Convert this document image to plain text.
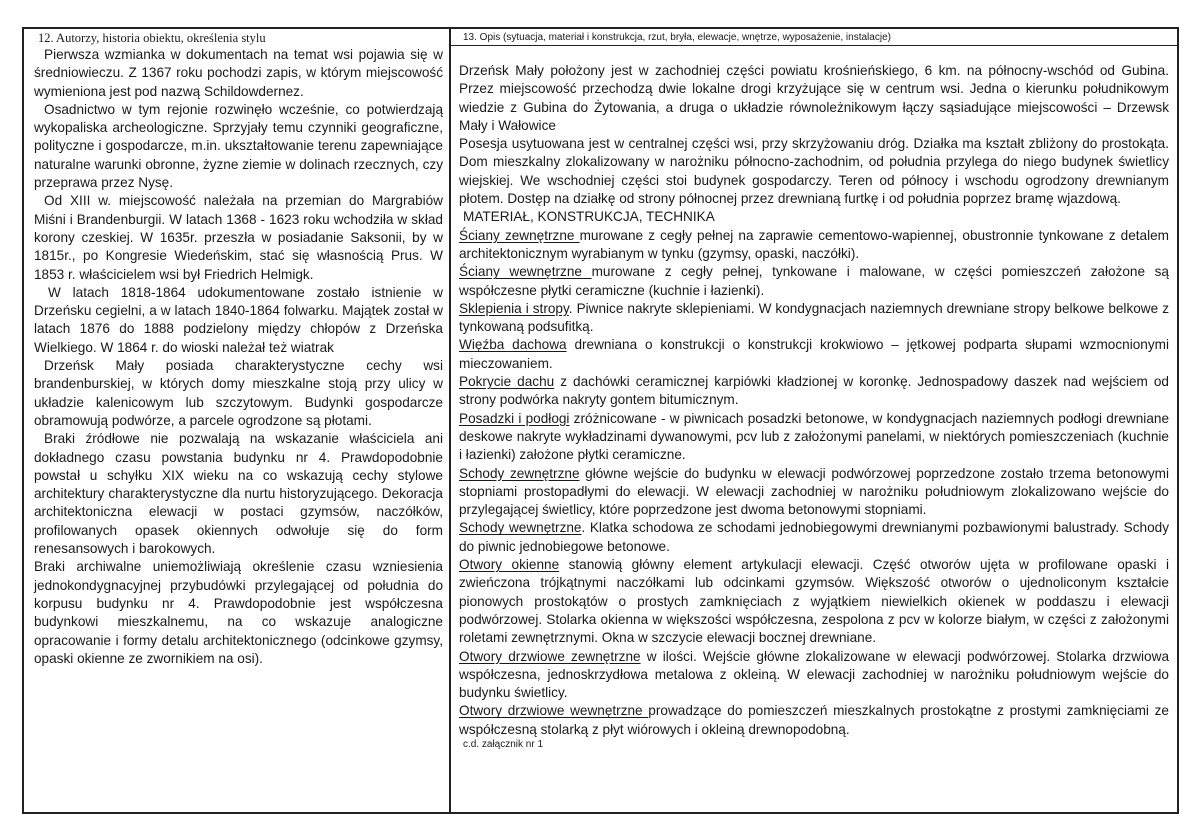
12. Autorzy, historia obiektu, określenia stylu

Pierwsza wzmianka w dokumentach na temat wsi pojawia się w średniowieczu. Z 1367 roku pochodzi zapis, w którym miejscowość wymieniona jest pod nazwą Schildowdernez.

Osadnictwo w tym rejonie rozwinęło wcześnie, co potwierdzają wykopaliska archeologiczne. Sprzyjały temu czynniki geograficzne, polityczne i gospodarcze, m.in. ukształtowanie terenu zapewniające naturalne warunki obronne, żyzne ziemie w dolinach rzecznych, czy przeprawa przez Nysę.

Od XIII w. miejscowość należała na przemian do Margrabiów Miśni i Brandenburgii. W latach 1368 - 1623 roku wchodziła w skład korony czeskiej. W 1635r. przeszła w posiadanie Saksonii, by w 1815r., po Kongresie Wiedeńskim, stać się własnością Prus. W 1853 r. właścicielem wsi był Friedrich Helmigk.

W latach 1818-1864 udokumentowane zostało istnienie w Drzeńsku cegielni, a w latach 1840-1864 folwarku. Majątek został w latach 1876 do 1888 podzielony między chłopów z Drzeńska Wielkiego. W 1864 r. do wioski należał też wiatrak

Drzeńsk Mały posiada charakterystyczne cechy wsi brandenburskiej, w których domy mieszkalne stoją przy ulicy w układzie kalenicowym lub szczytowym. Budynki gospodarcze obramowują podwórze, a parcele ogrodzone są płotami.

Braki źródłowe nie pozwalają na wskazanie właściciela ani dokładnego czasu powstania budynku nr 4. Prawdopodobnie powstał u schyłku XIX wieku na co wskazują cechy stylowe architektury charakterystyczne dla nurtu historyzującego. Dekoracja architektoniczna elewacji w postaci gzymsów, naczółków, profilowanych opasek okiennych odwołuje się do form renesansowych i barokowych.

Braki archiwalne uniemożliwiają określenie czasu wzniesienia jednokondygnacyjnej przybudówki przylegającej od południa do korpusu budynku nr 4. Prawdopodobnie jest współczesna budynkowi mieszkalnemu, na co wskazuje analogiczne opracowanie i formy detalu architektonicznego (odcinkowe gzymsy, opaski okienne ze zwornikiem na osi).

13. Opis (sytuacja, materiał i konstrukcja, rzut, bryła, elewacje, wnętrze, wyposażenie, instalacje)

Drzeńsk Mały położony jest w zachodniej części powiatu krośnieńskiego, 6 km. na północny-wschód od Gubina. Przez miejscowość przechodzą dwie lokalne drogi krzyżujące się w centrum wsi. Jedna o kierunku południkowym wiedzie z Gubina do Żytowania, a druga o układzie równoleżnikowym łączy sąsiadujące miejscowości – Drzewsk Mały i Wałowice

Posesja usytuowana jest w centralnej części wsi, przy skrzyżowaniu dróg. Działka ma kształt zbliżony do prostokąta. Dom mieszkalny zlokalizowany w narożniku północno-zachodnim, od południa przylega do niego budynek świetlicy wiejskiej. We wschodniej części stoi budynek gospodarczy. Teren od północy i wschodu ogrodzony drewnianym płotem. Dostęp na działkę od strony północnej przez drewnianą furtkę i od południa poprzez bramę wjazdową.

MATERIAŁ, KONSTRUKCJA, TECHNIKA

Ściany zewnętrzne murowane z cegły pełnej na zaprawie cementowo-wapiennej, obustronnie tynkowane z detalem architektonicznym wyrabianym w tynku (gzymsy, opaski, naczółki).

Ściany wewnętrzne murowane z cegły pełnej, tynkowane i malowane, w części pomieszczeń założone są współczesne płytki ceramiczne (kuchnie i łazienki).

Sklepienia i stropy. Piwnice nakryte sklepieniami. W kondygnacjach naziemnych drewniane stropy belkowe belkowe z tynkowaną podsufitką.

Więźba dachowa drewniana o konstrukcji o konstrukcji krokwiowo – jętkowej podparta słupami wzmocnionymi mieczowaniem.

Pokrycie dachu z dachówki ceramicznej karpiówki kładzionej w koronkę. Jednospadowy daszek nad wejściem od strony podwórka nakryty gontem bitumicznym.

Posadzki i podłogi zróżnicowane - w piwnicach posadzki betonowe, w kondygnacjach naziemnych podłogi drewniane deskowe nakryte wykładzinami dywanowymi, pcv lub z założonymi panelami, w niektórych pomieszczeniach (kuchnie i łazienki) założone płytki ceramiczne.

Schody zewnętrzne główne wejście do budynku w elewacji podwórzowej poprzedzone zostało trzema betonowymi stopniami prostopadłymi do elewacji. W elewacji zachodniej w narożniku południowym zlokalizowano wejście do przylegającej świetlicy, które poprzedzone jest dwoma betonowymi stopniami.

Schody wewnętrzne. Klatka schodowa ze schodami jednobiegowymi drewnianymi pozbawionymi balustrady. Schody do piwnic jednobiegowe betonowe.

Otwory okienne stanowią główny element artykulacji elewacji. Część otworów ujęta w profilowane opaski i zwieńczona trójkątnymi naczółkami lub odcinkami gzymsów. Większość otworów o ujednoliconym kształcie pionowych prostokątów o prostych zamknięciach z wyjątkiem niewielkich okienek w poddaszu i elewacji podwórzowej. Stolarka okienna w większości współczesna, zespolona z pcv w kolorze białym, w części z założonymi roletami zewnętrznymi. Okna w szczycie elewacji bocznej drewniane.

Otwory drzwiowe zewnętrzne w ilości. Wejście główne zlokalizowane w elewacji podwórzowej. Stolarka drzwiowa współczesna, jednoskrzydłowa metalowa z okleiną. W elewacji zachodniej w narożniku południowym wejście do budynku świetlicy.

Otwory drzwiowe wewnętrzne prowadzące do pomieszczeń mieszkalnych prostokątne z prostymi zamknięciami ze współczesną stolarką z płyt wiórowych i okleiną drewnopodobną.

c.d. załącznik nr 1
